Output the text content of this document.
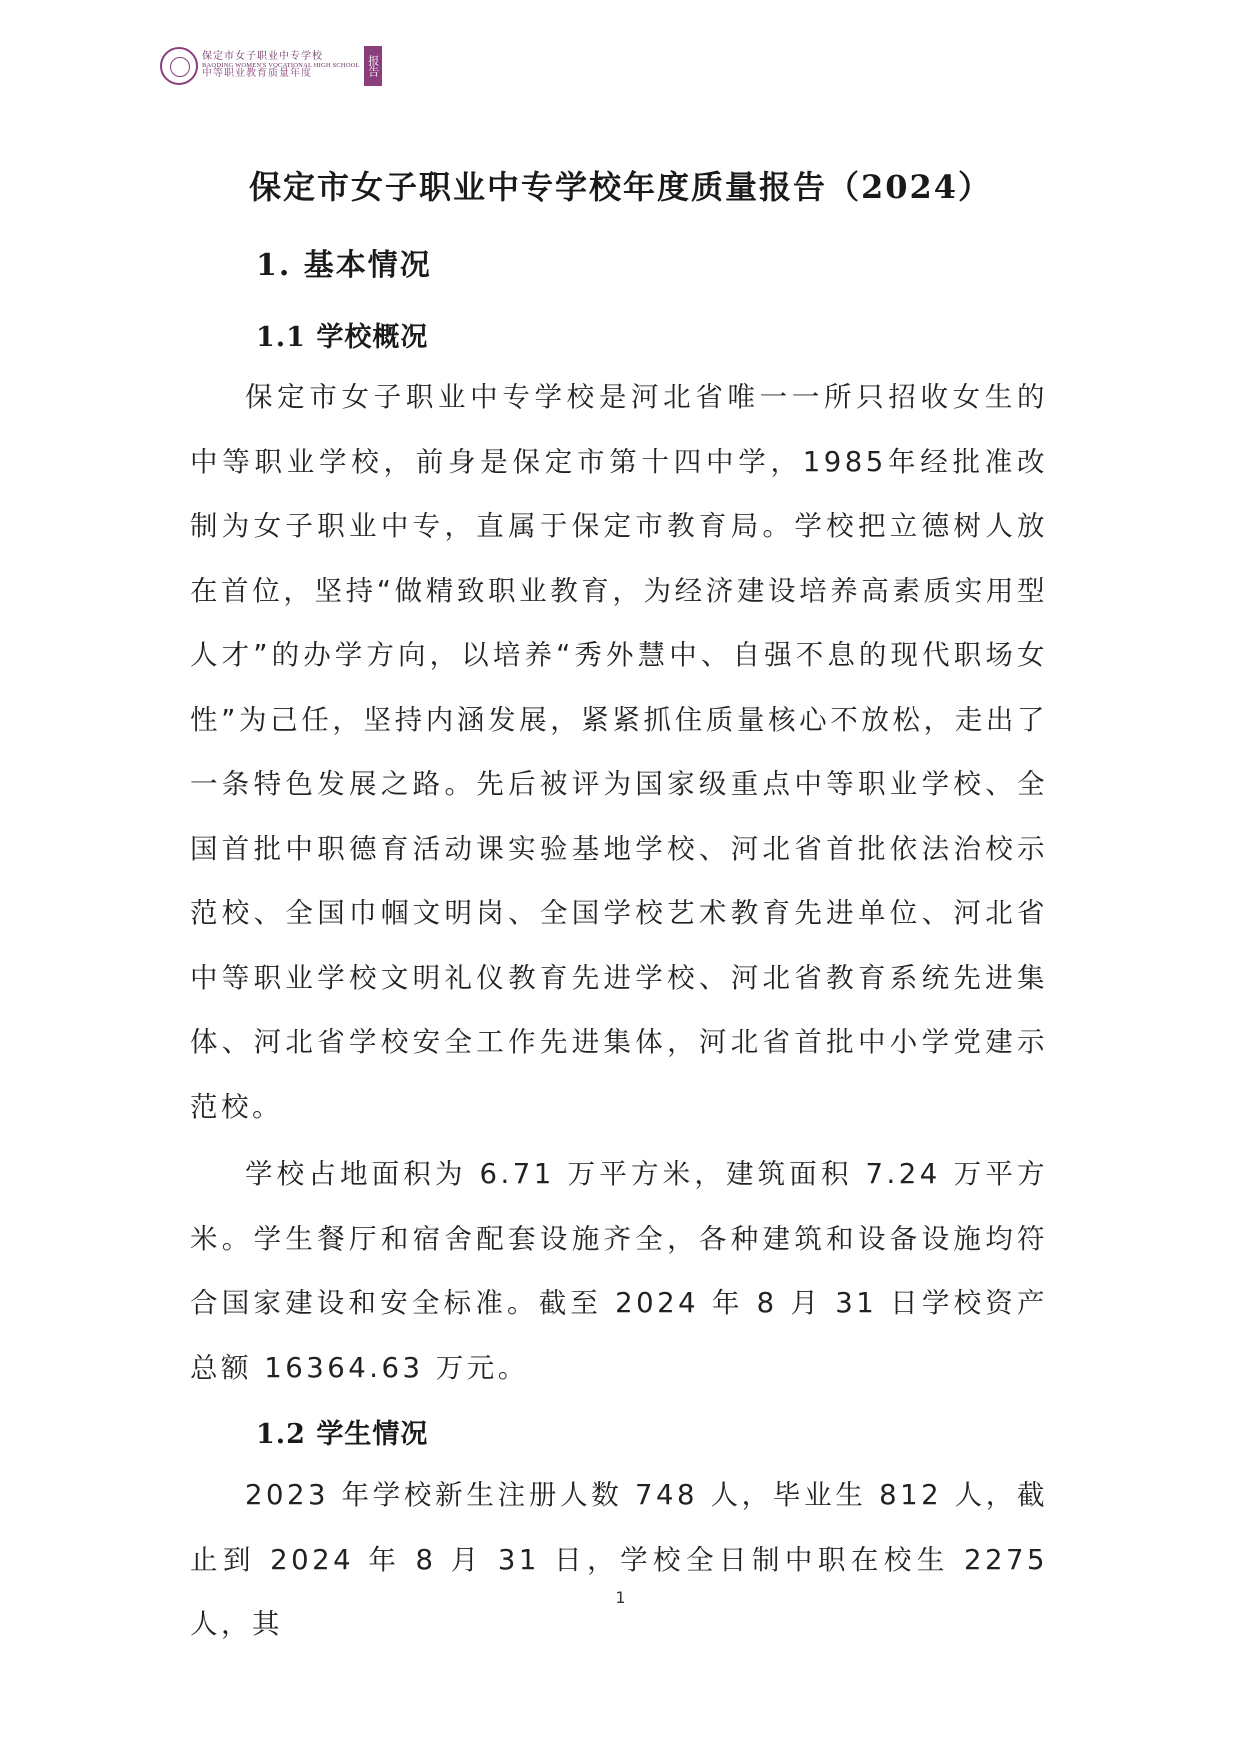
保定市女子职业中专学校
BAODING WOMEN'S VOCATIONAL HIGH SCHOOL
中等职业教育质量年度	报告
保定市女子职业中专学校年度质量报告（2024）
1. 基本情况
1.1 学校概况

保定市女子职业中专学校是河北省唯一一所只招收女生的中等职业学校，前身是保定市第十四中学，1985年经批准改制为女子职业中专，直属于保定市教育局。学校把立德树人放在首位，坚持“做精致职业教育，为经济建设培养高素质实用型人才”的办学方向，以培养“秀外慧中、自强不息的现代职场女性”为己任，坚持内涵发展，紧紧抓住质量核心不放松，走出了一条特色发展之路。先后被评为国家级重点中等职业学校、全国首批中职德育活动课实验基地学校、河北省首批依法治校示范校、全国巾帼文明岗、全国学校艺术教育先进单位、河北省中等职业学校文明礼仪教育先进学校、河北省教育系统先进集体、河北省学校安全工作先进集体，河北省首批中小学党建示范校。

学校占地面积为 6.71 万平方米，建筑面积 7.24 万平方米。学生餐厅和宿舍配套设施齐全，各种建筑和设备设施均符合国家建设和安全标准。截至 2024 年 8 月 31 日学校资产总额 16364.63 万元。

1.2 学生情况

2023 年学校新生注册人数 748 人，毕业生 812 人，截止到 2024 年 8 月 31 日，学校全日制中职在校生 2275 人，其

1
